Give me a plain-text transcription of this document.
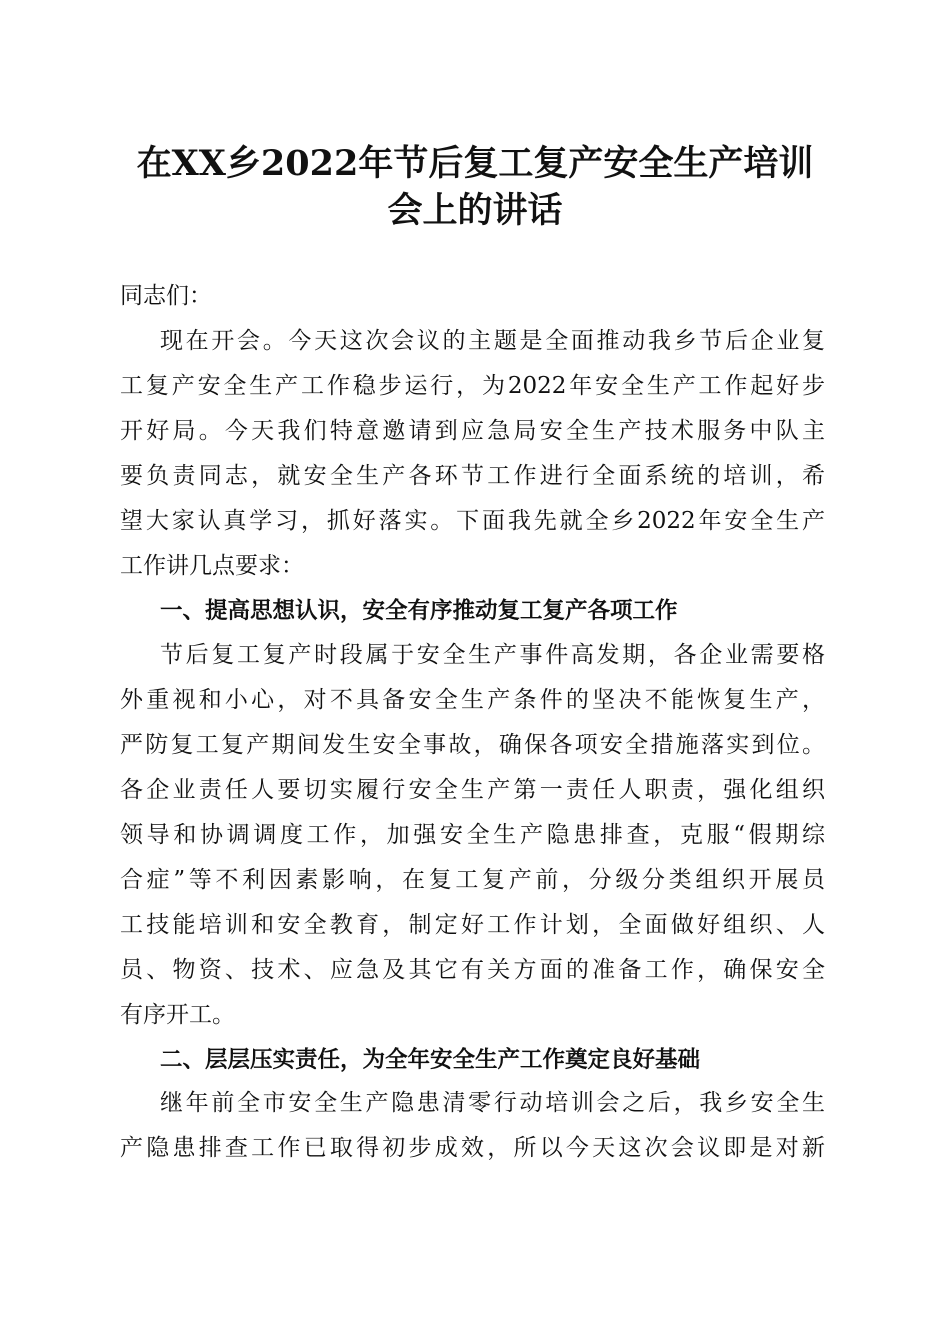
在XX乡2022年节后复工复产安全生产培训
会上的讲话

同志们：

现在开会。今天这次会议的主题是全面推动我乡节后企业复

工复产安全生产工作稳步运行，为2022年安全生产工作起好步

开好局。今天我们特意邀请到应急局安全生产技术服务中队主

要负责同志，就安全生产各环节工作进行全面系统的培训，希

望大家认真学习，抓好落实。下面我先就全乡2022年安全生产

工作讲几点要求：

一、提高思想认识，安全有序推动复工复产各项工作

节后复工复产时段属于安全生产事件高发期，各企业需要格

外重视和小心，对不具备安全生产条件的坚决不能恢复生产，

严防复工复产期间发生安全事故，确保各项安全措施落实到位。

各企业责任人要切实履行安全生产第一责任人职责，强化组织

领导和协调调度工作，加强安全生产隐患排查，克服“假期综

合症”等不利因素影响，在复工复产前，分级分类组织开展员

工技能培训和安全教育，制定好工作计划，全面做好组织、人

员、物资、技术、应急及其它有关方面的准备工作，确保安全

有序开工。

二、层层压实责任，为全年安全生产工作奠定良好基础

继年前全市安全生产隐患清零行动培训会之后，我乡安全生

产隐患排查工作已取得初步成效，所以今天这次会议即是对新
